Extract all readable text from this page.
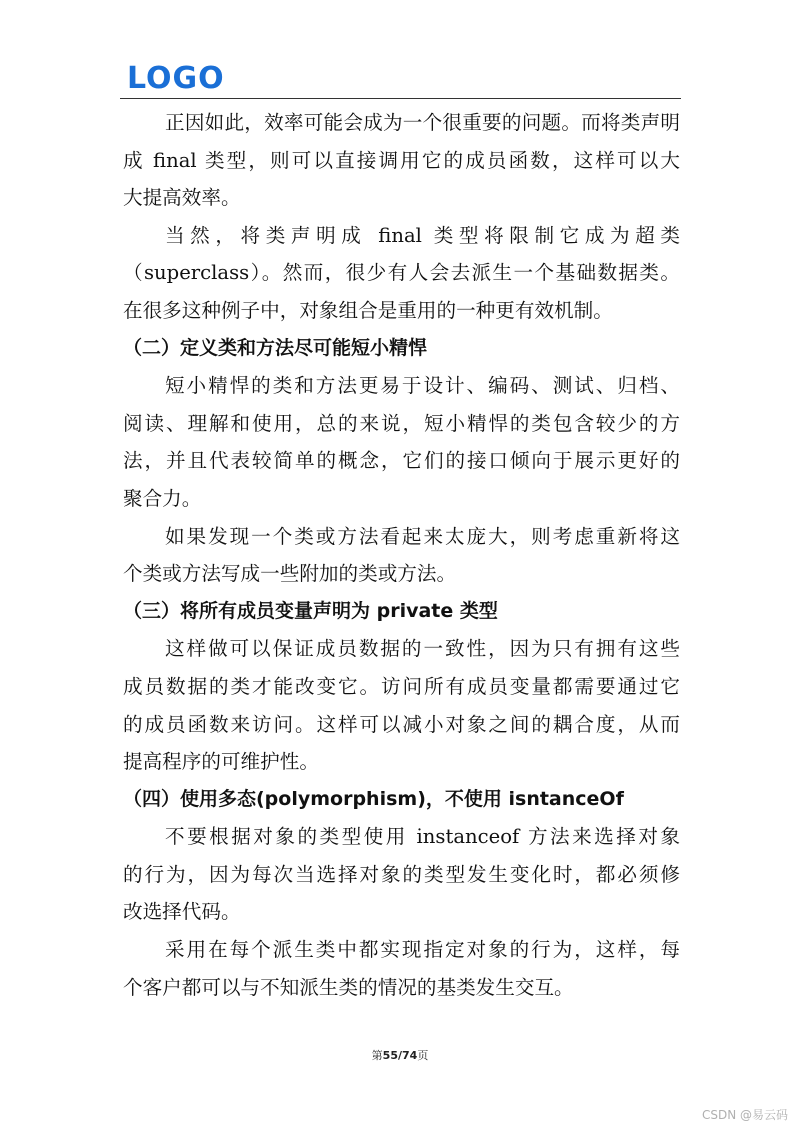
LOGO
正因如此，效率可能会成为一个很重要的问题。而将类声明
成 final 类型，则可以直接调用它的成员函数，这样可以大
大提高效率。
当然，将类声明成 final 类型将限制它成为超类
（superclass）。然而，很少有人会去派生一个基础数据类。
在很多这种例子中，对象组合是重用的一种更有效机制。
（二）定义类和方法尽可能短小精悍
短小精悍的类和方法更易于设计、编码、测试、归档、
阅读、理解和使用，总的来说，短小精悍的类包含较少的方
法，并且代表较简单的概念，它们的接口倾向于展示更好的
聚合力。
如果发现一个类或方法看起来太庞大，则考虑重新将这
个类或方法写成一些附加的类或方法。
（三）将所有成员变量声明为 private 类型
这样做可以保证成员数据的一致性，因为只有拥有这些
成员数据的类才能改变它。访问所有成员变量都需要通过它
的成员函数来访问。这样可以减小对象之间的耦合度，从而
提高程序的可维护性。
（四）使用多态(polymorphism)，不使用 isntanceOf
不要根据对象的类型使用 instanceof 方法来选择对象
的行为，因为每次当选择对象的类型发生变化时，都必须修
改选择代码。
采用在每个派生类中都实现指定对象的行为，这样，每
个客户都可以与不知派生类的情况的基类发生交互。
第55/74页
CSDN @易云码
